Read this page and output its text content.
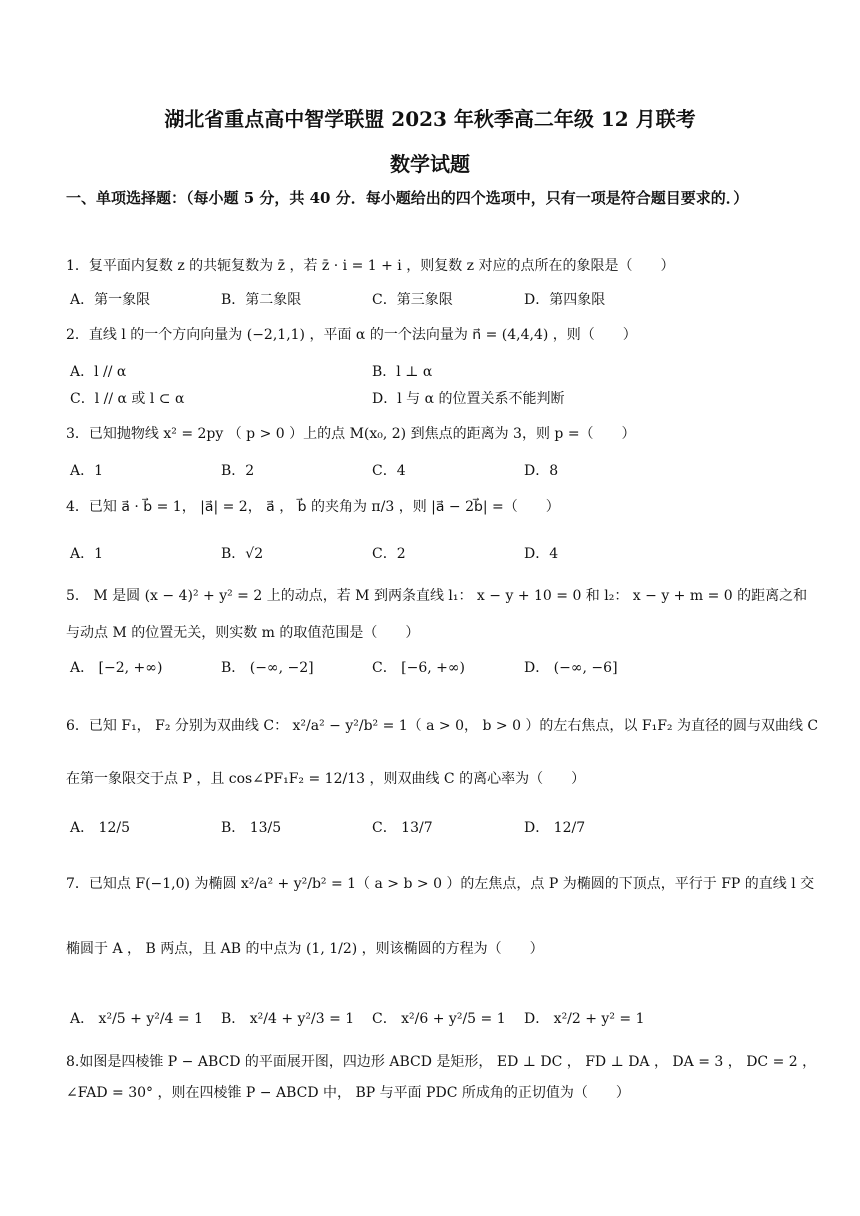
湖北省重点高中智学联盟 2023 年秋季高二年级 12 月联考
数学试题
一、单项选择题：（每小题 5 分，共 40 分．每小题给出的四个选项中，只有一项是符合题目要求的．）
1．复平面内复数 z 的共轭复数为 z̄ ，若 z̄ · i = 1 + i ，则复数 z 对应的点所在的象限是（　　）
A．第一象限	B．第二象限	C．第三象限	D．第四象限
2．直线 l 的一个方向向量为 (−2,1,1) ，平面 α 的一个法向量为 n⃗ = (4,4,4) ，则（　　）
A．l // α	B．l ⊥ α
C．l // α 或 l ⊂ α	D．l 与 α 的位置关系不能判断
3．已知抛物线 x² = 2py （ p > 0 ）上的点 M(x₀, 2) 到焦点的距离为 3，则 p =（　　）
A．1	B．2	C．4	D．8
4．已知 a⃗ · b⃗ = 1， |a⃗| = 2， a⃗ ， b⃗ 的夹角为 π/3 ，则 |a⃗ − 2b⃗| =（　　）
A．1	B．√2	C．2	D．4
5． M 是圆 (x − 4)² + y² = 2 上的动点，若 M 到两条直线 l₁： x − y + 10 = 0 和 l₂： x − y + m = 0 的距离之和
与动点 M 的位置无关，则实数 m 的取值范围是（　　）
A． [−2, +∞)	B． (−∞, −2]	C． [−6, +∞)	D． (−∞, −6]
6．已知 F₁， F₂ 分别为双曲线 C： x²/a² − y²/b² = 1（ a > 0， b > 0 ）的左右焦点，以 F₁F₂ 为直径的圆与双曲线 C
在第一象限交于点 P ，且 cos∠PF₁F₂ = 12/13 ，则双曲线 C 的离心率为（　　）
A． 12/5	B． 13/5	C． 13/7	D． 12/7
7．已知点 F(−1,0) 为椭圆 x²/a² + y²/b² = 1（ a > b > 0 ）的左焦点，点 P 为椭圆的下顶点，平行于 FP 的直线 l 交
椭圆于 A ， B 两点，且 AB 的中点为 (1, 1/2) ，则该椭圆的方程为（　　）
A． x²/5 + y²/4 = 1 B． x²/4 + y²/3 = 1 C． x²/6 + y²/5 = 1 D． x²/2 + y² = 1
8.如图是四棱锥 P − ABCD 的平面展开图，四边形 ABCD 是矩形， ED ⊥ DC ， FD ⊥ DA ， DA = 3 ， DC = 2 ，
∠FAD = 30° ，则在四棱锥 P − ABCD 中， BP 与平面 PDC 所成角的正切值为（　　）
